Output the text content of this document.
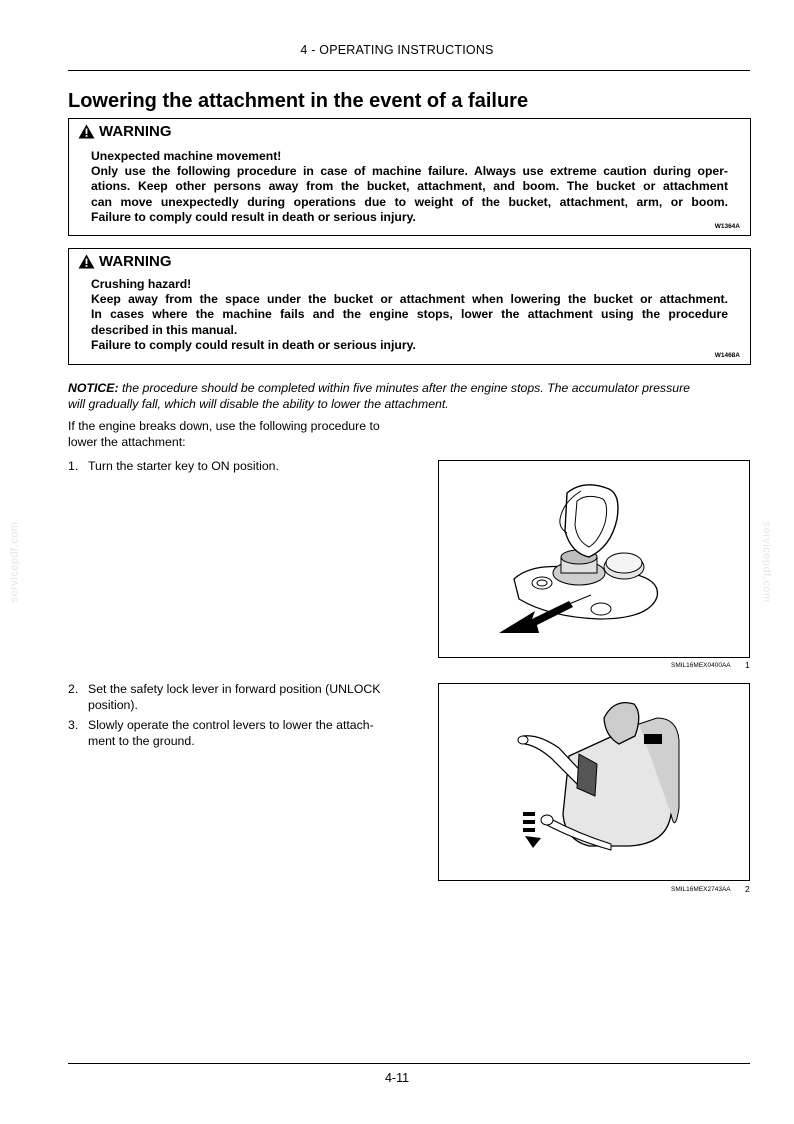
4 - OPERATING INSTRUCTIONS
Lowering the attachment in the event of a failure
WARNING
Unexpected machine movement!
Only use the following procedure in case of machine failure. Always use extreme caution during oper-
ations. Keep other persons away from the bucket, attachment, and boom. The bucket or attachment
can move unexpectedly during operations due to weight of the bucket, attachment, arm, or boom.
Failure to comply could result in death or serious injury.
W1364A
WARNING
Crushing hazard!
Keep away from the space under the bucket or attachment when lowering the bucket or attachment.
In cases where the machine fails and the engine stops, lower the attachment using the procedure
described in this manual.
Failure to comply could result in death or serious injury.
W1468A
NOTICE: the procedure should be completed within five minutes after the engine stops. The accumulator pressure
will gradually fall, which will disable the ability to lower the attachment.
If the engine breaks down, use the following procedure to
lower the attachment:
1. Turn the starter key to ON position.
2. Set the safety lock lever in forward position (UNLOCK
position).
3. Slowly operate the control levers to lower the attach-
ment to the ground.
SMIL16MEX0400AA 1
SMIL16MEX2743AA 2
servicepdf.com	servicepdf.com
4-11
